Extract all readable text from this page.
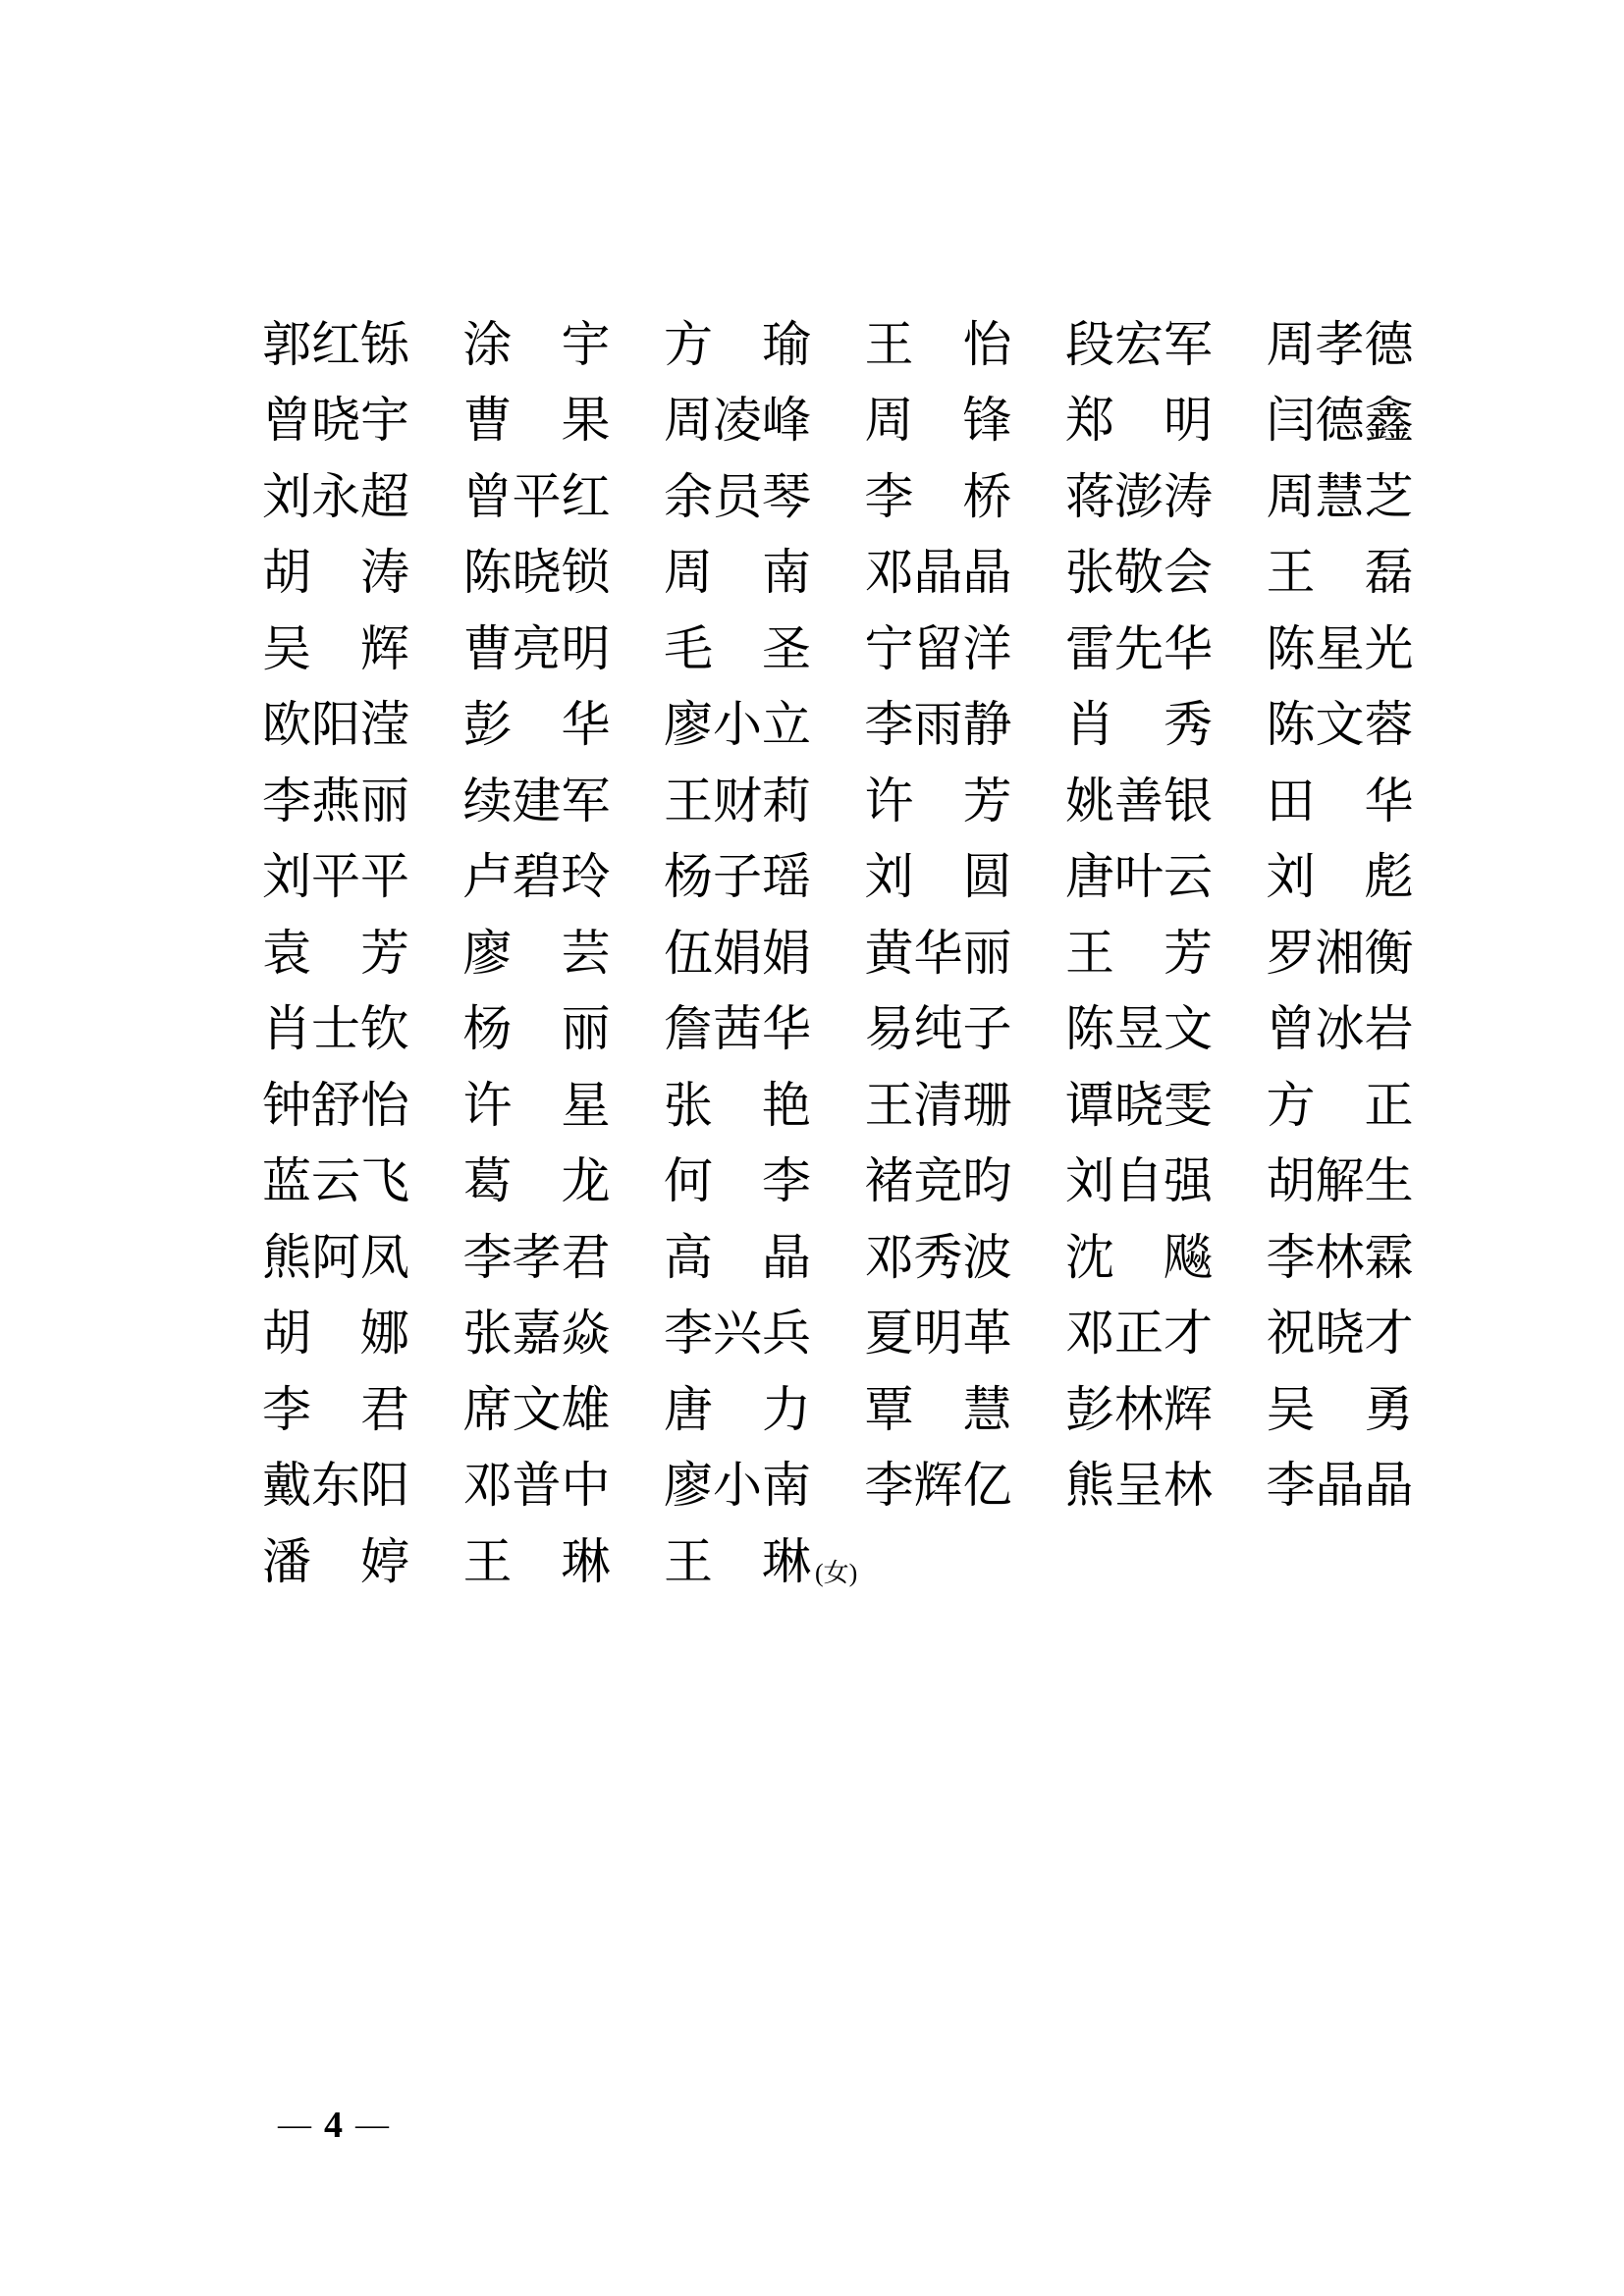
郭 红 铄 涂 宇 方 瑜 王 怡 段 宏 军 周 孝 德
曾 晓 宇 曹 果 周 凌 峰 周 锋 郑 明 闫 德 鑫
刘 永 超 曾 平 红 余 员 琴 李 桥 蒋 澎 涛 周 慧 芝
胡 涛 陈 晓 锁 周 南 邓 晶 晶 张 敬 会 王 磊
吴 辉 曹 亮 明 毛 圣 宁 留 洋 雷 先 华 陈 星 光
欧 阳 滢 彭 华 廖 小 立 李 雨 静 肖 秀 陈 文 蓉
李 燕 丽 续 建 军 王 财 莉 许 芳 姚 善 银 田 华
刘 平 平 卢 碧 玲 杨 子 瑶 刘 圆 唐 叶 云 刘 彪
袁 芳 廖 芸 伍 娟 娟 黄 华 丽 王 芳 罗 湘 衡
肖 士 钦 杨 丽 詹 茜 华 易 纯 子 陈 昱 文 曾 冰 岩
钟 舒 怡 许 星 张 艳 王 清 珊 谭 晓 雯 方 正
蓝 云 飞 葛 龙 何 李 褚 竞 昀 刘 自 强 胡 解 生
熊 阿 凤 李 孝 君 高 晶 邓 秀 波 沈 飚 李 林 霖
胡 娜 张 嘉 焱 李 兴 兵 夏 明 革 邓 正 才 祝 晓 才
李 君 席 文 雄 唐 力 覃 慧 彭 林 辉 吴 勇
戴 东 阳 邓 普 中 廖 小 南 李 辉 亿 熊 呈 林 李 晶 晶
潘 婷 王 琳 王 琳 (女)
— 4 —
